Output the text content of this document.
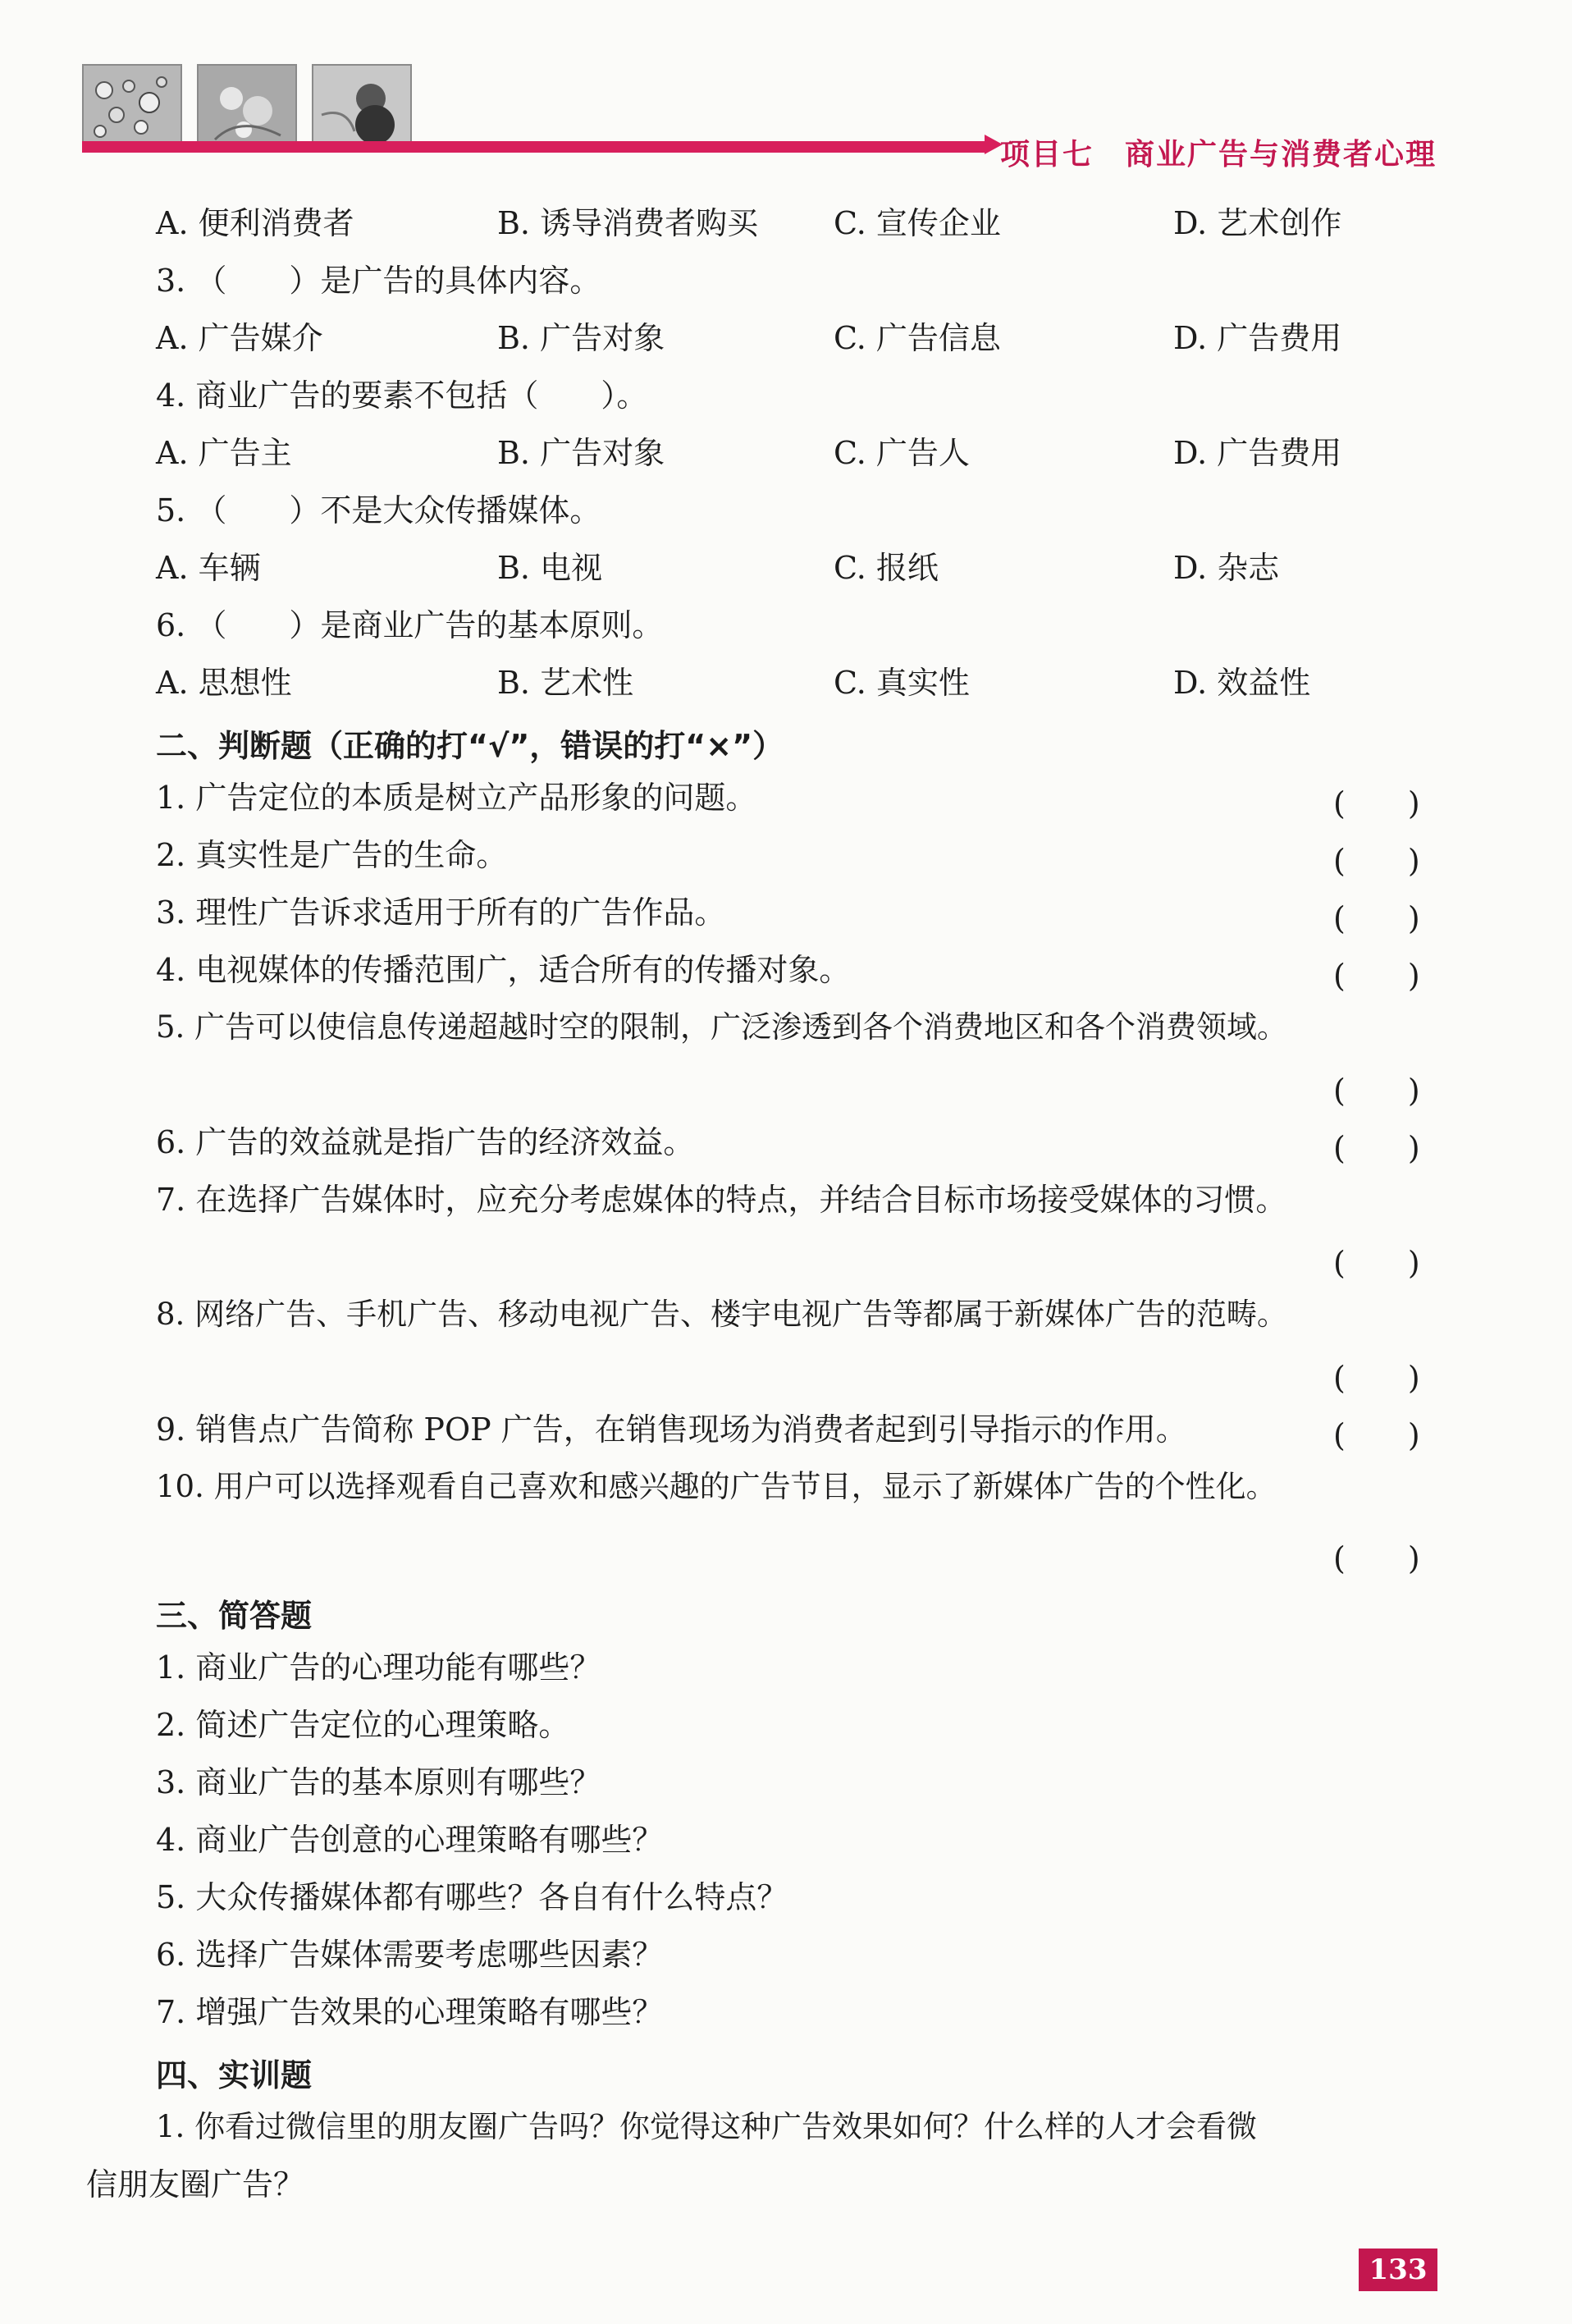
项目七　商业广告与消费者心理
A. 便利消费者	B. 诱导消费者购买 C. 宣传企业	D. 艺术创作
3. （　　）是广告的具体内容。
A. 广告媒介	B. 广告对象	C. 广告信息	D. 广告费用
4. 商业广告的要素不包括（　　）。
A. 广告主	B. 广告对象	C. 广告人	D. 广告费用
5. （　　）不是大众传播媒体。
A. 车辆	B. 电视	C. 报纸	D. 杂志
6. （　　）是商业广告的基本原则。
A. 思想性	B. 艺术性	C. 真实性	D. 效益性
二、判断题（正确的打“√”，错误的打“×”）
1. 广告定位的本质是树立产品形象的问题。	(　　)
2. 真实性是广告的生命。	(　　)
3. 理性广告诉求适用于所有的广告作品。	(　　)
4. 电视媒体的传播范围广，适合所有的传播对象。	(　　)
5. 广告可以使信息传递超越时空的限制，广泛渗透到各个消费地区和各个消费领域。
(　　)
6. 广告的效益就是指广告的经济效益。	(　　)
7. 在选择广告媒体时，应充分考虑媒体的特点，并结合目标市场接受媒体的习惯。
(　　)
8. 网络广告、手机广告、移动电视广告、楼宇电视广告等都属于新媒体广告的范畴。
(　　)
9. 销售点广告简称 POP 广告，在销售现场为消费者起到引导指示的作用。	(　　)
10. 用户可以选择观看自己喜欢和感兴趣的广告节目，显示了新媒体广告的个性化。
(　　)
三、简答题
1. 商业广告的心理功能有哪些？
2. 简述广告定位的心理策略。
3. 商业广告的基本原则有哪些？
4. 商业广告创意的心理策略有哪些？
5. 大众传播媒体都有哪些？各自有什么特点？
6. 选择广告媒体需要考虑哪些因素？
7. 增强广告效果的心理策略有哪些？
四、实训题
1. 你看过微信里的朋友圈广告吗？你觉得这种广告效果如何？什么样的人才会看微
信朋友圈广告？
133
